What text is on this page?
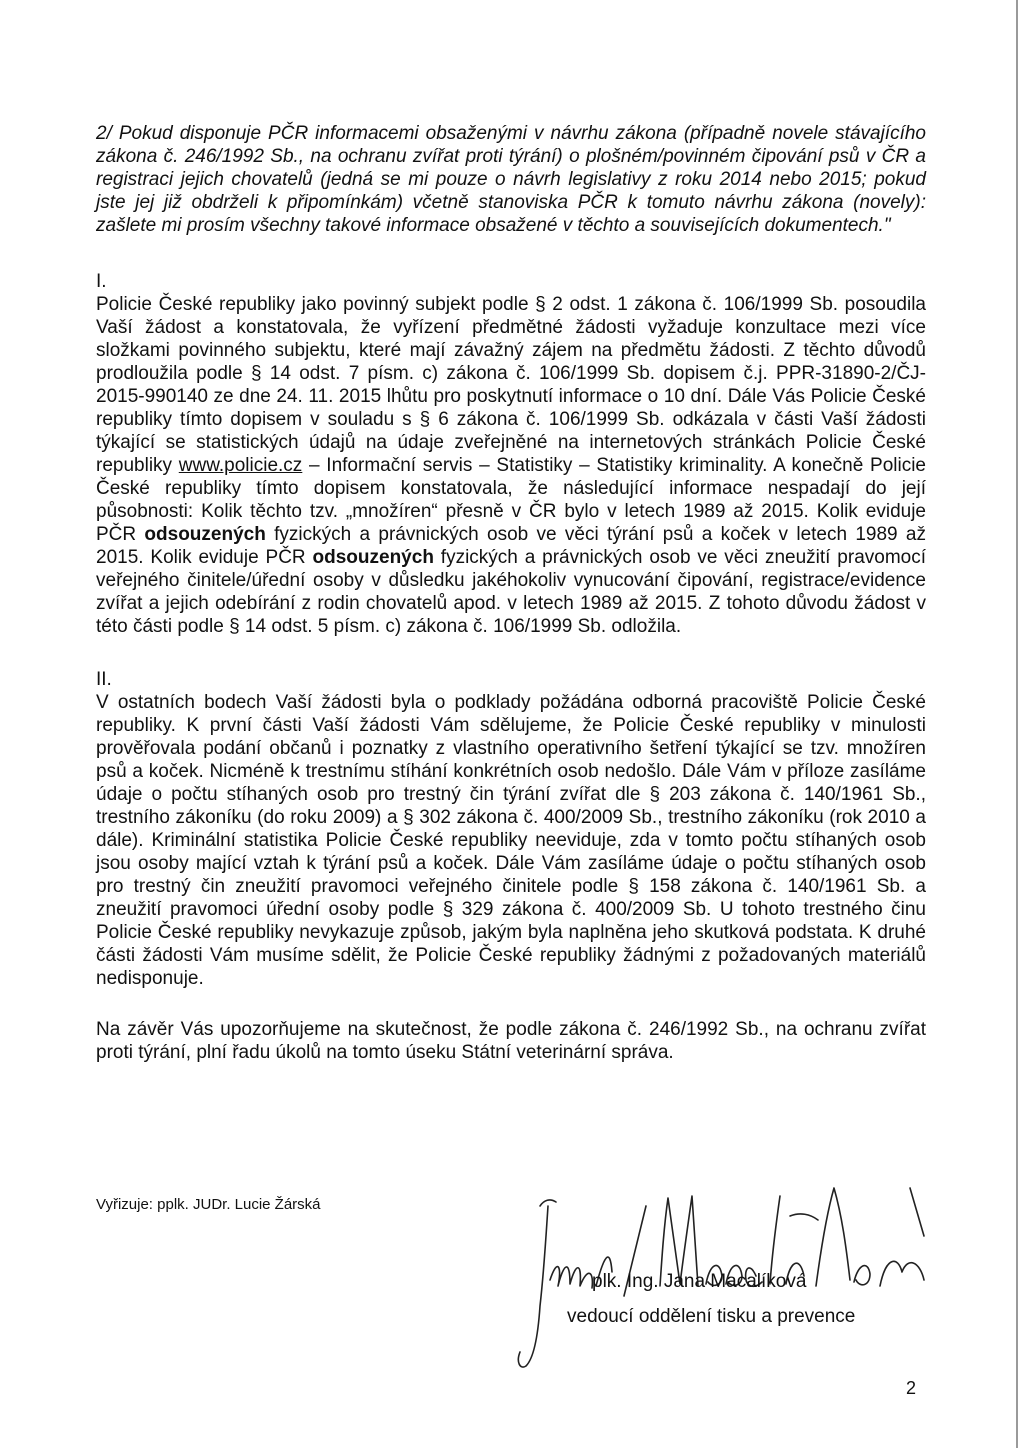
2/ Pokud disponuje PČR informacemi obsaženými v návrhu zákona (případně novele stávajícího zákona č. 246/1992 Sb., na ochranu zvířat proti týrání) o plošném/povinném čipování psů v ČR a registraci jejich chovatelů (jedná se mi pouze o návrh legislativy z roku 2014 nebo 2015; pokud jste jej již obdrželi k připomínkám) včetně stanoviska PČR k tomuto návrhu zákona (novely): zašlete mi prosím všechny takové informace obsažené v těchto a souvisejících dokumentech."

I.

Policie České republiky jako povinný subjekt podle § 2 odst. 1 zákona č. 106/1999 Sb. posoudila Vaší žádost a konstatovala, že vyřízení předmětné žádosti vyžaduje konzultace mezi více složkami povinného subjektu, které mají závažný zájem na předmětu žádosti. Z těchto důvodů prodloužila podle § 14 odst. 7 písm. c) zákona č. 106/1999 Sb. dopisem č.j. PPR-31890-2/ČJ-2015-990140 ze dne 24. 11. 2015 lhůtu pro poskytnutí informace o 10 dní. Dále Vás Policie České republiky tímto dopisem v souladu s § 6 zákona č. 106/1999 Sb. odkázala v části Vaší žádosti týkající se statistických údajů na údaje zveřejněné na internetových stránkách Policie České republiky www.policie.cz – Informační servis – Statistiky – Statistiky kriminality. A konečně Policie České republiky tímto dopisem konstatovala, že následující informace nespadají do její působnosti: Kolik těchto tzv. „množíren“ přesně v ČR bylo v letech 1989 až 2015. Kolik eviduje PČR odsouzených fyzických a právnických osob ve věci týrání psů a koček v letech 1989 až 2015. Kolik eviduje PČR odsouzených fyzických a právnických osob ve věci zneužití pravomocí veřejného činitele/úřední osoby v důsledku jakéhokoliv vynucování čipování, registrace/evidence zvířat a jejich odebírání z rodin chovatelů apod. v letech 1989 až 2015. Z tohoto důvodu žádost v této části podle § 14 odst. 5 písm. c) zákona č. 106/1999 Sb. odložila.

II.

V ostatních bodech Vaší žádosti byla o podklady požádána odborná pracoviště Policie České republiky. K první části Vaší žádosti Vám sdělujeme, že Policie České republiky v minulosti prověřovala podání občanů i poznatky z vlastního operativního šetření týkající se tzv. množíren psů a koček. Nicméně k trestnímu stíhání konkrétních osob nedošlo. Dále Vám v příloze zasíláme údaje o počtu stíhaných osob pro trestný čin týrání zvířat dle § 203 zákona č. 140/1961 Sb., trestního zákoníku (do roku 2009) a § 302 zákona č. 400/2009 Sb., trestního zákoníku (rok 2010 a dále). Kriminální statistika Policie České republiky neeviduje, zda v tomto počtu stíhaných osob jsou osoby mající vztah k týrání psů a koček. Dále Vám zasíláme údaje o počtu stíhaných osob pro trestný čin zneužití pravomoci veřejného činitele podle § 158 zákona č. 140/1961 Sb. a zneužití pravomoci úřední osoby podle § 329 zákona č. 400/2009 Sb. U tohoto trestného činu Policie České republiky nevykazuje způsob, jakým byla naplněna jeho skutková podstata. K druhé části žádosti Vám musíme sdělit, že Policie České republiky žádnými z požadovaných materiálů nedisponuje.

Na závěr Vás upozorňujeme na skutečnost, že podle zákona č. 246/1992 Sb., na ochranu zvířat proti týrání, plní řadu úkolů na tomto úseku Státní veterinární správa.

Vyřizuje: pplk. JUDr. Lucie Žárská
plk. Ing. Jana Macalíková
vedoucí oddělení tisku a prevence
2
